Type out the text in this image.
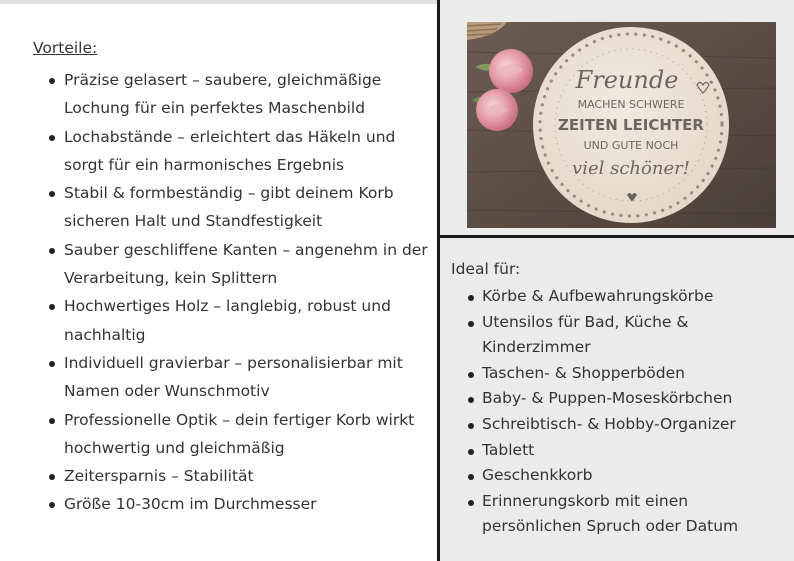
Vorteile:
Präzise gelasert – saubere, gleichmäßige Lochung für ein perfektes Maschenbild
Lochabstände – erleichtert das Häkeln und sorgt für ein harmonisches Ergebnis
Stabil & formbeständig – gibt deinem Korb sicheren Halt und Standfestigkeit
Sauber geschliffene Kanten – angenehm in der Verarbeitung, kein Splittern
Hochwertiges Holz – langlebig, robust und nachhaltig
Individuell gravierbar – personalisierbar mit Namen oder Wunschmotiv
Professionelle Optik – dein fertiger Korb wirkt hochwertig und gleichmäßig
Zeitersparnis – Stabilität
Größe 10-30cm im Durchmesser
Freunde
MACHEN SCHWERE
ZEITEN LEICHTER
UND GUTE NOCH
viel schöner!
Ideal für:
Körbe & Aufbewahrungskörbe
Utensilos für Bad, Küche & Kinderzimmer
Taschen- & Shopperböden
Baby- & Puppen-Moseskörbchen
Schreibtisch- & Hobby-Organizer
Tablett
Geschenkkorb
Erinnerungskorb mit einen persönlichen Spruch oder Datum
